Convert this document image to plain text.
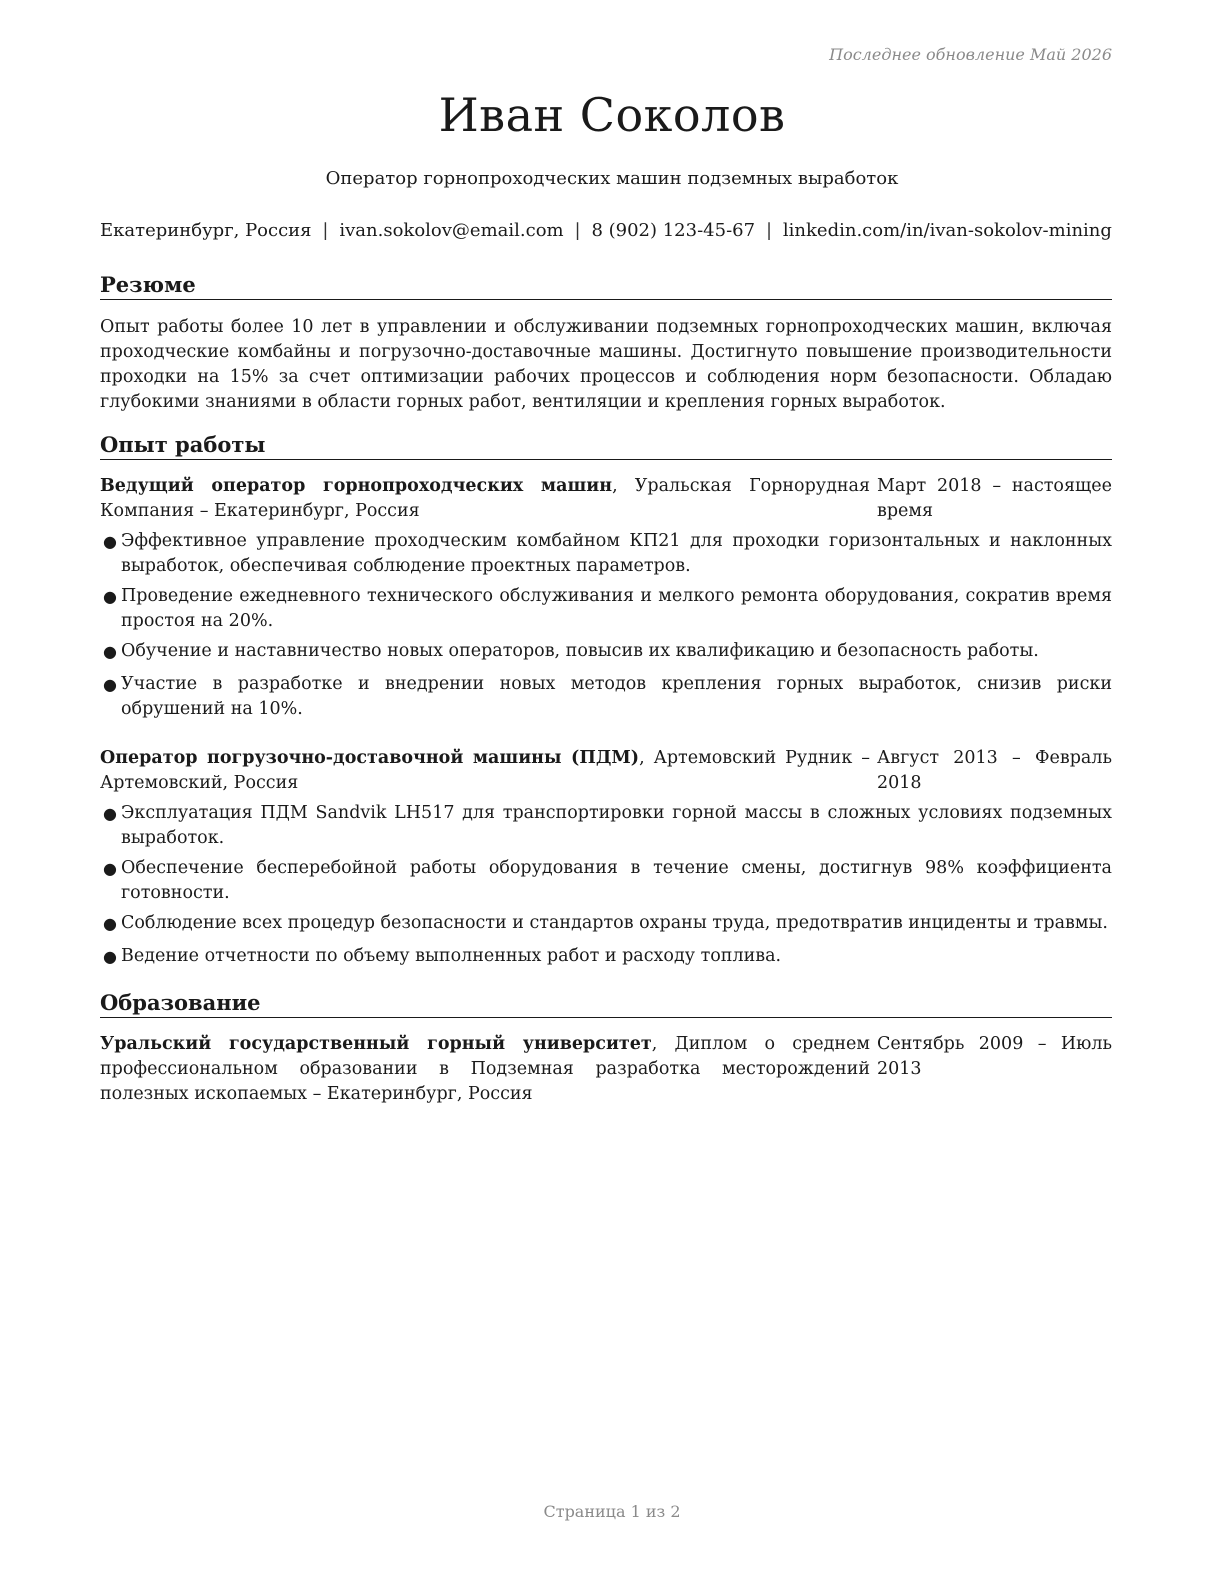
Последнее обновление Май 2026
Иван Соколов
Оператор горнопроходческих машин подземных выработок
Екатеринбург, Россия | ivan.sokolov@email.com | 8 (902) 123-45-67 | linkedin.com/in/ivan-sokolov-mining
Резюме
Опыт работы более 10 лет в управлении и обслуживании подземных горнопроходческих машин, включая проходческие комбайны и погрузочно-доставочные машины. Достигнуто повышение производительности проходки на 15% за счет оптимизации рабочих процессов и соблюдения норм безопасности. Обладаю глубокими знаниями в области горных работ, вентиляции и крепления горных выработок.
Опыт работы
Ведущий оператор горнопроходческих машин, Уральская Горнорудная Компания – Екатеринбург, Россия
Март 2018 – настоящее время
● Эффективное управление проходческим комбайном КП21 для проходки горизонтальных и наклонных выработок, обеспечивая соблюдение проектных параметров.
● Проведение ежедневного технического обслуживания и мелкого ремонта оборудования, сократив время простоя на 20%.
● Обучение и наставничество новых операторов, повысив их квалификацию и безопасность работы.
● Участие в разработке и внедрении новых методов крепления горных выработок, снизив риски обрушений на 10%.
Оператор погрузочно-доставочной машины (ПДМ), Артемовский Рудник – Артемовский, Россия
Август 2013 – Февраль 2018
● Эксплуатация ПДМ Sandvik LH517 для транспортировки горной массы в сложных условиях подземных выработок.
● Обеспечение бесперебойной работы оборудования в течение смены, достигнув 98% коэффициента готовности.
● Соблюдение всех процедур безопасности и стандартов охраны труда, предотвратив инциденты и травмы.
● Ведение отчетности по объему выполненных работ и расходу топлива.
Образование
Уральский государственный горный университет, Диплом о среднем профессиональном образовании в Подземная разработка месторождений полезных ископаемых – Екатеринбург, Россия
Сентябрь 2009 – Июль 2013
Страница 1 из 2
